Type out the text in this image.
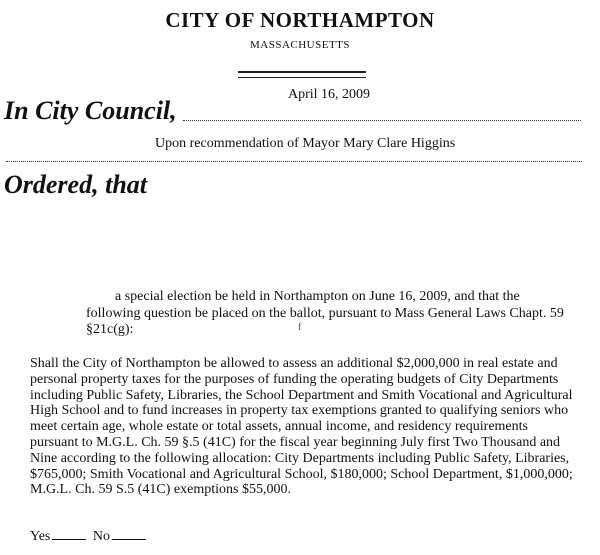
CITY OF NORTHAMPTON
MASSACHUSETTS
April 16, 2009
In City Council,
Upon recommendation of Mayor Mary Clare Higgins
Ordered, that
a special election be held in Northampton on June 16, 2009, and that the
following question be placed on the ballot, pursuant to Mass General Laws Chapt. 59 §21c(g):	f
Shall the City of Northampton be allowed to assess an additional $2,000,000 in real estate and
personal property taxes for the purposes of funding the operating budgets of City Departments
including Public Safety, Libraries, the School Department and Smith Vocational and Agricultural
High School and to fund increases in property tax exemptions granted to qualifying seniors who
meet certain age, whole estate or total assets, annual income, and residency requirements
pursuant to M.G.L. Ch. 59 §.5 (41C) for the fiscal year beginning July first Two Thousand and
Nine according to the following allocation: City Departments including Public Safety, Libraries,
$765,000; Smith Vocational and Agricultural School, $180,000; School Department, $1,000,000;
M.G.L. Ch. 59 S.5 (41C) exemptions $55,000.
Yes	No
